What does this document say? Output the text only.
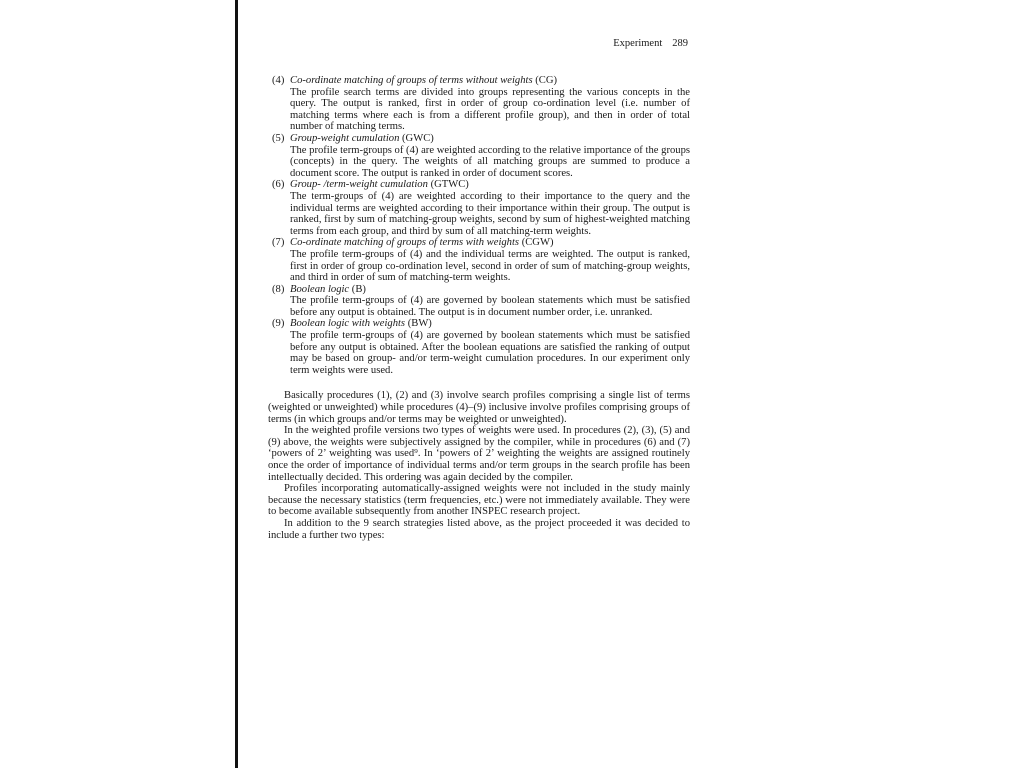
Experiment 289
(4) Co-ordinate matching of groups of terms without weights (CG)
The profile search terms are divided into groups representing the various concepts in the query. The output is ranked, first in order of group co-ordination level (i.e. number of matching terms where each is from a different profile group), and then in order of total number of matching terms.
(5) Group-weight cumulation (GWC)
The profile term-groups of (4) are weighted according to the relative importance of the groups (concepts) in the query. The weights of all matching groups are summed to produce a document score. The output is ranked in order of document scores.
(6) Group- /term-weight cumulation (GTWC)
The term-groups of (4) are weighted according to their importance to the query and the individual terms are weighted according to their importance within their group. The output is ranked, first by sum of matching-group weights, second by sum of highest-weighted matching terms from each group, and third by sum of all matching-term weights.
(7) Co-ordinate matching of groups of terms with weights (CGW)
The profile term-groups of (4) and the individual terms are weighted. The output is ranked, first in order of group co-ordination level, second in order of sum of matching-group weights, and third in order of sum of matching-term weights.
(8) Boolean logic (B)
The profile term-groups of (4) are governed by boolean statements which must be satisfied before any output is obtained. The output is in document number order, i.e. unranked.
(9) Boolean logic with weights (BW)
The profile term-groups of (4) are governed by boolean statements which must be satisfied before any output is obtained. After the boolean equations are satisfied the ranking of output may be based on group- and/or term-weight cumulation procedures. In our experiment only term weights were used.

Basically procedures (1), (2) and (3) involve search profiles comprising a single list of terms (weighted or unweighted) while procedures (4)–(9) inclusive involve profiles comprising groups of terms (in which groups and/or terms may be weighted or unweighted).

In the weighted profile versions two types of weights were used. In procedures (2), (3), (5) and (9) above, the weights were subjectively assigned by the compiler, while in procedures (6) and (7) ‘powers of 2’ weighting was used⁹. In ‘powers of 2’ weighting the weights are assigned routinely once the order of importance of individual terms and/or term groups in the search profile has been intellectually decided. This ordering was again decided by the compiler.

Profiles incorporating automatically-assigned weights were not included in the study mainly because the necessary statistics (term frequencies, etc.) were not immediately available. They were to become available subsequently from another INSPEC research project.

In addition to the 9 search strategies listed above, as the project proceeded it was decided to include a further two types:
